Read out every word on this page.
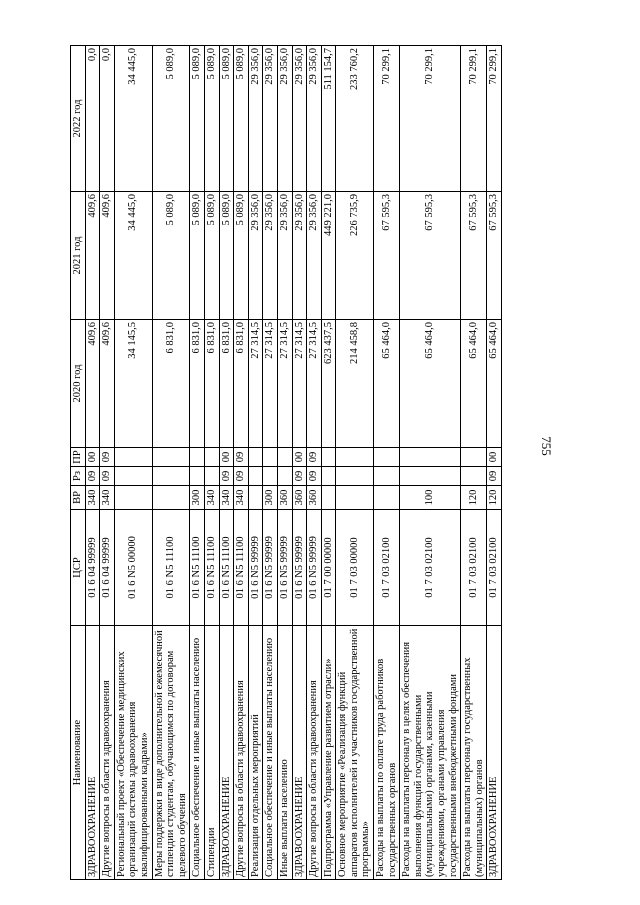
755
Наименование	ЦСР	ВР	Рз	ПР	2020 год	2021 год	2022 год
ЗДРАВООХРАНЕНИЕ	01 6 04 99999	340	09	00	409,6	409,6	0,0
Другие вопросы в области здравоохранения	01 6 04 99999	340	09	09	409,6	409,6	0,0
Региональный проект «Обеспечение медицинских организаций системы здравоохранения квалифицированными кадрами»	01 6 N5 00000				34 145,5	34 445,0	34 445,0
Меры поддержки в виде дополнительной ежемесячной стипендии студентам, обучающимся по договорам целевого обучения	01 6 N5 11100				6 831,0	5 089,0	5 089,0
Социальное обеспечение и иные выплаты населению	01 6 N5 11100	300			6 831,0	5 089,0	5 089,0
Стипендии	01 6 N5 11100	340			6 831,0	5 089,0	5 089,0
ЗДРАВООХРАНЕНИЕ	01 6 N5 11100	340	09	00	6 831,0	5 089,0	5 089,0
Другие вопросы в области здравоохранения	01 6 N5 11100	340	09	09	6 831,0	5 089,0	5 089,0
Реализация отдельных мероприятий	01 6 N5 99999				27 314,5	29 356,0	29 356,0
Социальное обеспечение и иные выплаты населению	01 6 N5 99999	300			27 314,5	29 356,0	29 356,0
Иные выплаты населению	01 6 N5 99999	360			27 314,5	29 356,0	29 356,0
ЗДРАВООХРАНЕНИЕ	01 6 N5 99999	360	09	00	27 314,5	29 356,0	29 356,0
Другие вопросы в области здравоохранения	01 6 N5 99999	360	09	09	27 314,5	29 356,0	29 356,0
Подпрограмма «Управление развитием отрасли»	01 7 00 00000				623 437,5	449 221,0	511 154,7
Основное мероприятие «Реализация функций аппаратов исполнителей и участников государственной программы»	01 7 03 00000				214 458,8	226 735,9	233 760,2
Расходы на выплаты по оплате труда работников государственных органов	01 7 03 02100				65 464,0	67 595,3	70 299,1
Расходы на выплаты персоналу в целях обеспечения выполнения функций государственными (муниципальными) органами, казенными учреждениями, органами управления государственными внебюджетными фондами	01 7 03 02100	100			65 464,0	67 595,3	70 299,1
Расходы на выплаты персоналу государственных (муниципальных) органов	01 7 03 02100	120			65 464,0	67 595,3	70 299,1
ЗДРАВООХРАНЕНИЕ	01 7 03 02100	120	09	00	65 464,0	67 595,3	70 299,1
